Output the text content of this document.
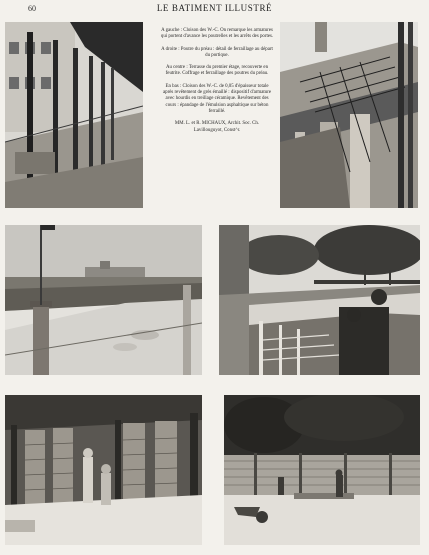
60	LE BATIMENT ILLUSTRÉ

A gauche : Cloison des W.-C. On remarque les armatures qui portent d'avance les poutrelles et les arrêts des portes.

A droite : Poutre du préau : détail de ferraillage au départ du portique.

Au centre : Terrasse du premier étage, recouverte en feutrite. Coffrage et ferraillage des poutres du préau.

En bas : Cloison des W.-C. de 0,05 d'épaisseur totale après revêtement de grès émaillé : dispositif d'armature avec hourdis en treillage céramique. Revêtement des cours : épandage de l'émulsion asphaltique sur béton ferraillé.

MM. L. et R. MICHAUX, Archit. Soc. Ch. Lavillouguyot, Const^r.
